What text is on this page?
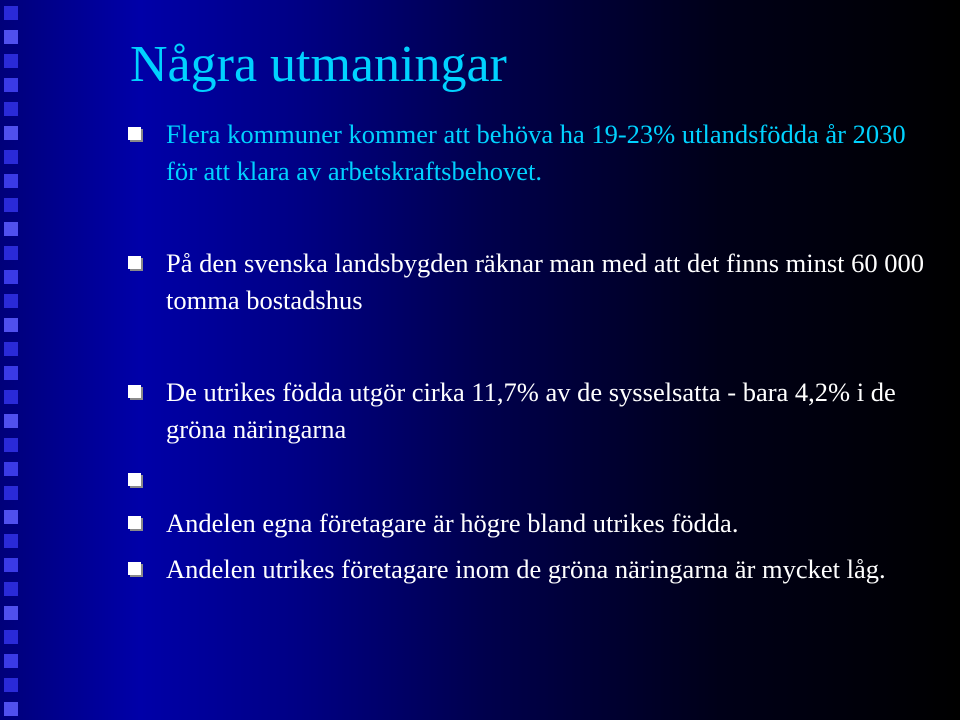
Några utmaningar
Flera kommuner kommer att behöva ha 19-23% utlandsfödda år 2030 för att klara av arbetskraftsbehovet.
På den svenska landsbygden räknar man med att det finns minst 60 000 tomma bostadshus
De utrikes födda utgör cirka 11,7% av de sysselsatta - bara 4,2% i de gröna näringarna
Andelen egna företagare är högre bland utrikes födda.
Andelen utrikes företagare inom de gröna näringarna är mycket låg.
